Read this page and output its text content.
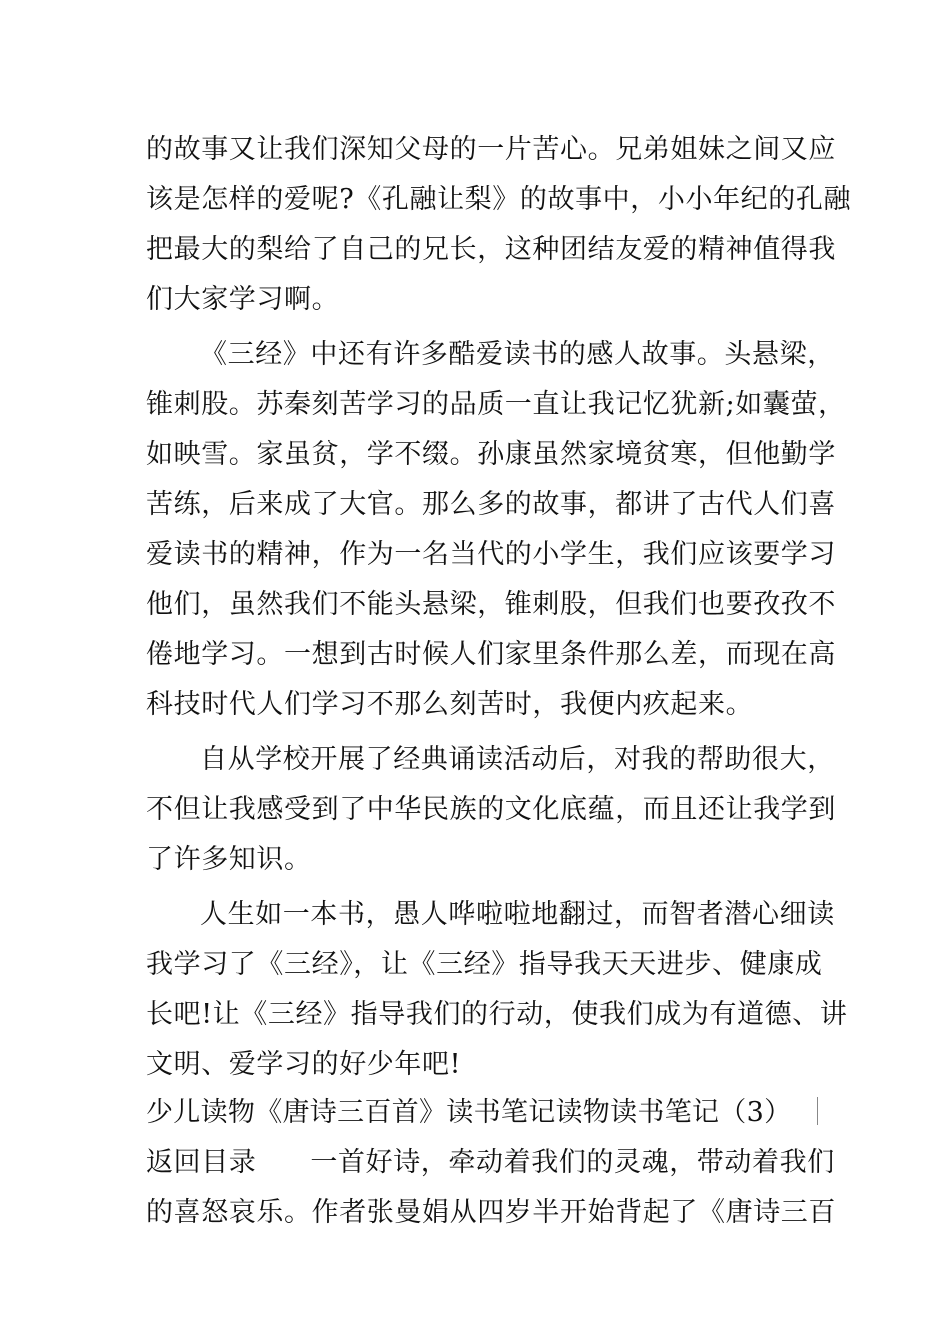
的故事又让我们深知父母的一片苦心。兄弟姐妹之间又应
该是怎样的爱呢?《孔融让梨》的故事中，小小年纪的孔融
把最大的梨给了自己的兄长，这种团结友爱的精神值得我
们大家学习啊。
《三经》中还有许多酷爱读书的感人故事。头悬梁，
锥刺股。苏秦刻苦学习的品质一直让我记忆犹新;如囊萤，
如映雪。家虽贫，学不缀。孙康虽然家境贫寒，但他勤学
苦练，后来成了大官。那么多的故事，都讲了古代人们喜
爱读书的精神，作为一名当代的小学生，我们应该要学习
他们，虽然我们不能头悬梁，锥刺股，但我们也要孜孜不
倦地学习。一想到古时候人们家里条件那么差，而现在高
科技时代人们学习不那么刻苦时，我便内疚起来。
自从学校开展了经典诵读活动后，对我的帮助很大，
不但让我感受到了中华民族的文化底蕴，而且还让我学到
了许多知识。
人生如一本书，愚人哗啦啦地翻过，而智者潜心细读
我学习了《三经》，让《三经》指导我天天进步、健康成
长吧!让《三经》指导我们的行动，使我们成为有道德、讲
文明、爱学习的好少年吧!
少儿读物《唐诗三百首》读书笔记读物读书笔记（3）
返回目录 一首好诗，牵动着我们的灵魂，带动着我们
的喜怒哀乐。作者张曼娟从四岁半开始背起了《唐诗三百
